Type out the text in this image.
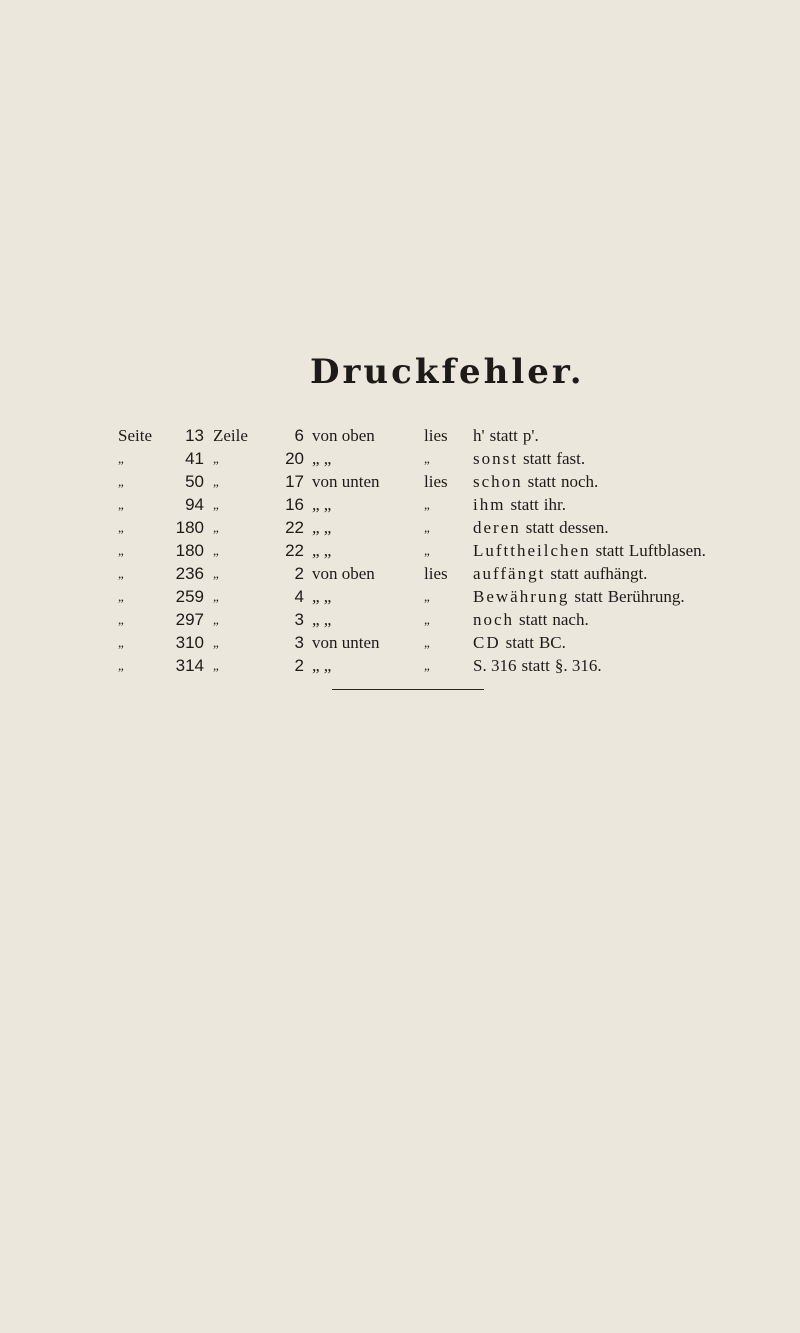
Druckfehler.
Seite	13 Zeile	6 von oben	lies	h' statt p'.
„	41 „	20 „ „	„	sonst statt fast.
„	50 „	17 von unten	lies	schon statt noch.
„	94 „	16 „ „	„	ihm statt ihr.
„	180 „	22 „ „	„	deren statt dessen.
„	180 „	22 „ „	„	Lufttheilchen statt Luftblasen.
„	236 „	2 von oben	lies	auffängt statt aufhängt.
„	259 „	4 „ „	„	Bewährung statt Berührung.
„	297 „	3 „ „	„	noch statt nach.
„	310 „	3 von unten	„	CD statt BC.
„	314 „	2 „ „	„	S. 316 statt §. 316.
